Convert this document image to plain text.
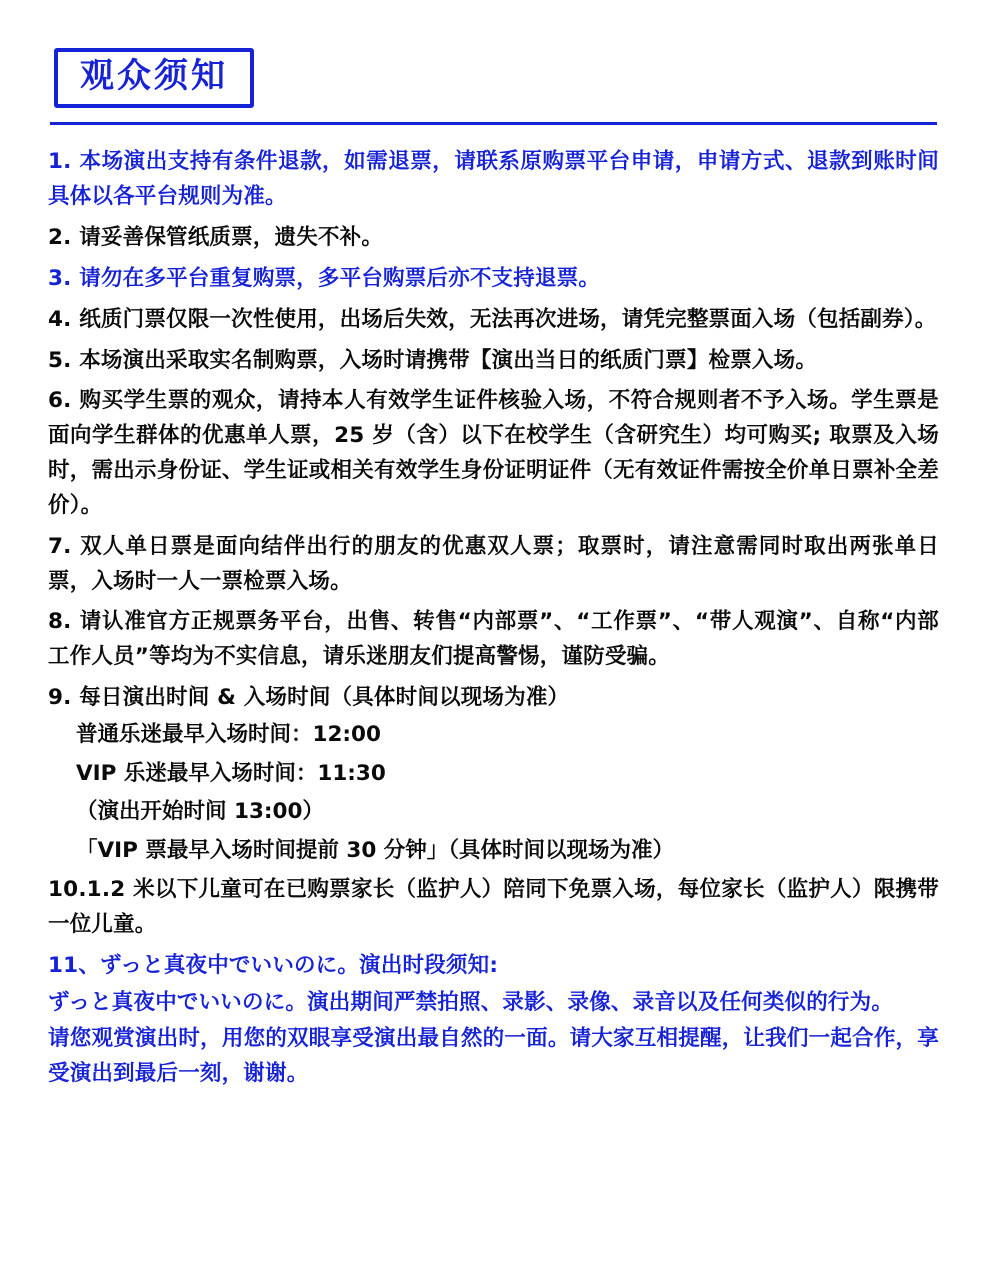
观众须知

1. 本场演出支持有条件退款，如需退票，请联系原购票平台申请，申请方式、退款到账时间具体以各平台规则为准。

2. 请妥善保管纸质票，遗失不补。

3. 请勿在多平台重复购票，多平台购票后亦不支持退票。

4. 纸质门票仅限一次性使用，出场后失效，无法再次进场，请凭完整票面入场（包括副券）。

5. 本场演出采取实名制购票，入场时请携带【演出当日的纸质门票】检票入场。

6. 购买学生票的观众，请持本人有效学生证件核验入场，不符合规则者不予入场。学生票是面向学生群体的优惠单人票，25 岁（含）以下在校学生（含研究生）均可购买; 取票及入场时，需出示身份证、学生证或相关有效学生身份证明证件（无有效证件需按全价单日票补全差价）。

7. 双人单日票是面向结伴出行的朋友的优惠双人票；取票时，请注意需同时取出两张单日票，入场时一人一票检票入场。

8. 请认准官方正规票务平台，出售、转售“内部票”、“工作票”、“带人观演”、自称“内部工作人员”等均为不实信息，请乐迷朋友们提高警惕，谨防受骗。

9. 每日演出时间 & 入场时间（具体时间以现场为准）

普通乐迷最早入场时间：12:00

VIP 乐迷最早入场时间：11:30

（演出开始时间 13:00）

「VIP 票最早入场时间提前 30 分钟」（具体时间以现场为准）

10.1.2 米以下儿童可在已购票家长（监护人）陪同下免票入场，每位家长（监护人）限携带一位儿童。

11、ずっと真夜中でいいのに。演出时段须知:

ずっと真夜中でいいのに。演出期间严禁拍照、录影、录像、录音以及任何类似的行为。

请您观赏演出时，用您的双眼享受演出最自然的一面。请大家互相提醒，让我们一起合作，享受演出到最后一刻，谢谢。
